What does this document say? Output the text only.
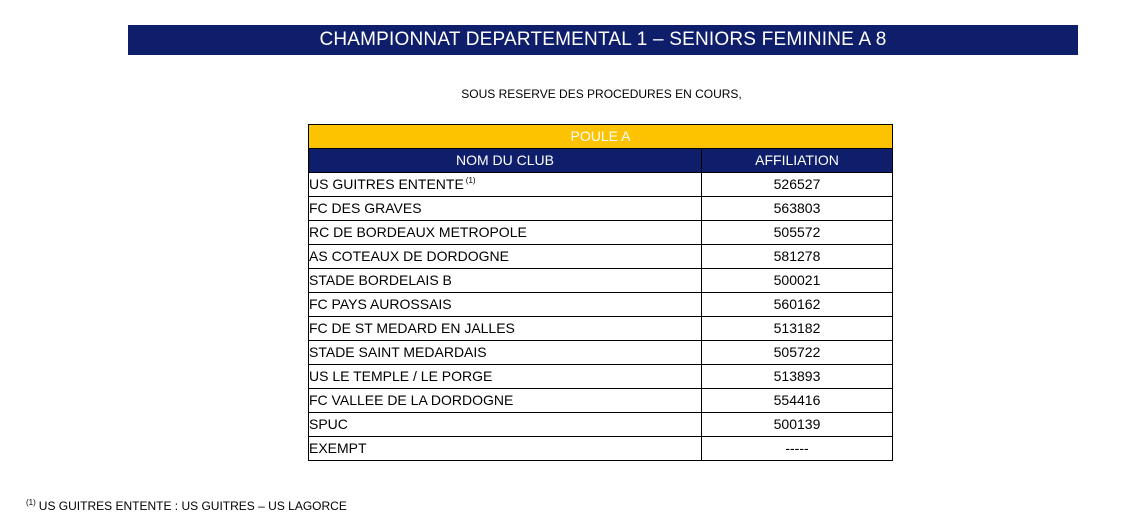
CHAMPIONNAT DEPARTEMENTAL 1 – SENIORS FEMININE A 8
SOUS RESERVE DES PROCEDURES EN COURS,
POULE A	
NOM DU CLUB	AFFILIATION
US GUITRES ENTENTE $^{(1)}$	526527
FC DES GRAVES	563803
RC DE BORDEAUX METROPOLE	505572
AS COTEAUX DE DORDOGNE	581278
STADE BORDELAIS B	500021
FC PAYS AUROSSAIS	560162
FC DE ST MEDARD EN JALLES	513182
STADE SAINT MEDARDAIS	505722
US LE TEMPLE / LE PORGE	513893
FC VALLEE DE LA DORDOGNE	554416
SPUC	500139
EXEMPT	-----
$^{(1)}$ US GUITRES ENTENTE : US GUITRES – US LAGORCE
